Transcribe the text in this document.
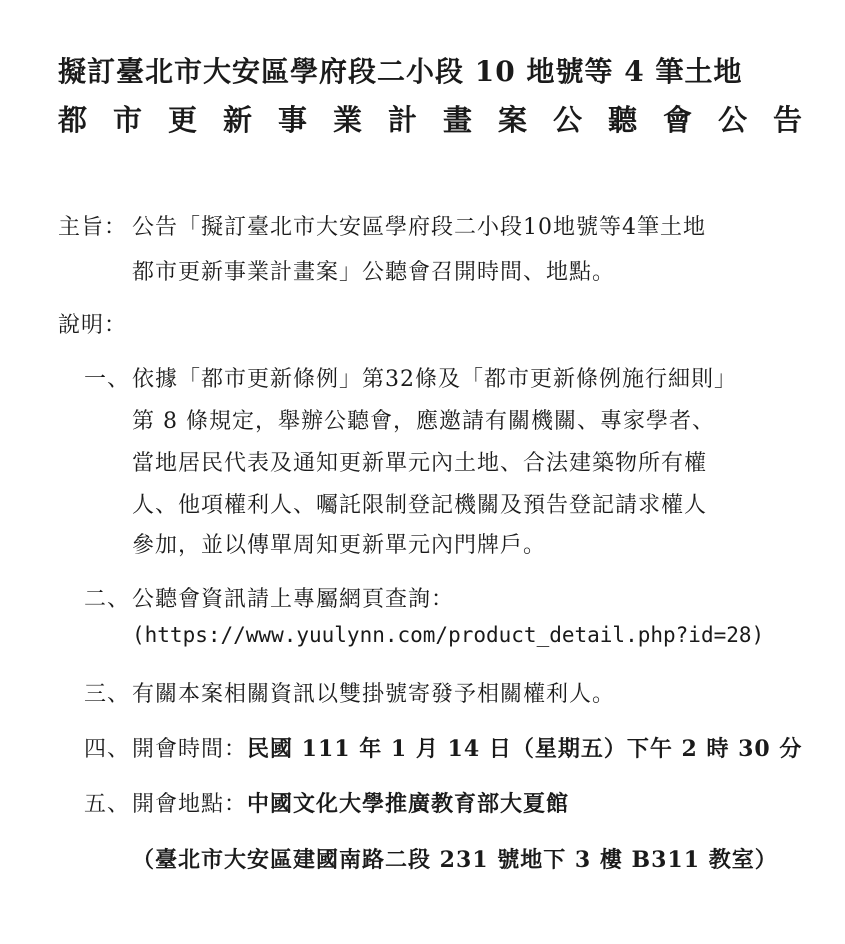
擬訂臺北市大安區學府段二小段 10 地號等 4 筆土地
都市更新事業計畫案公聽會公告
主旨： 公告「擬訂臺北市大安區學府段二小段10地號等4筆土地
都市更新事業計畫案」公聽會召開時間、地點。
說明：
一、 依據「都市更新條例」第32條及「都市更新條例施行細則」
第 8 條規定，舉辦公聽會，應邀請有關機關、專家學者、
當地居民代表及通知更新單元內土地、合法建築物所有權
人、他項權利人、囑託限制登記機關及預告登記請求權人
參加，並以傳單周知更新單元內門牌戶。
二、 公聽會資訊請上專屬網頁查詢：
(https://www.yuulynn.com/product_detail.php?id=28)
三、 有關本案相關資訊以雙掛號寄發予相關權利人。
四、 開會時間：民國 111 年 1 月 14 日（星期五）下午 2 時 30 分
五、 開會地點：中國文化大學推廣教育部大夏館
（臺北市大安區建國南路二段 231 號地下 3 樓 B311 教室）
